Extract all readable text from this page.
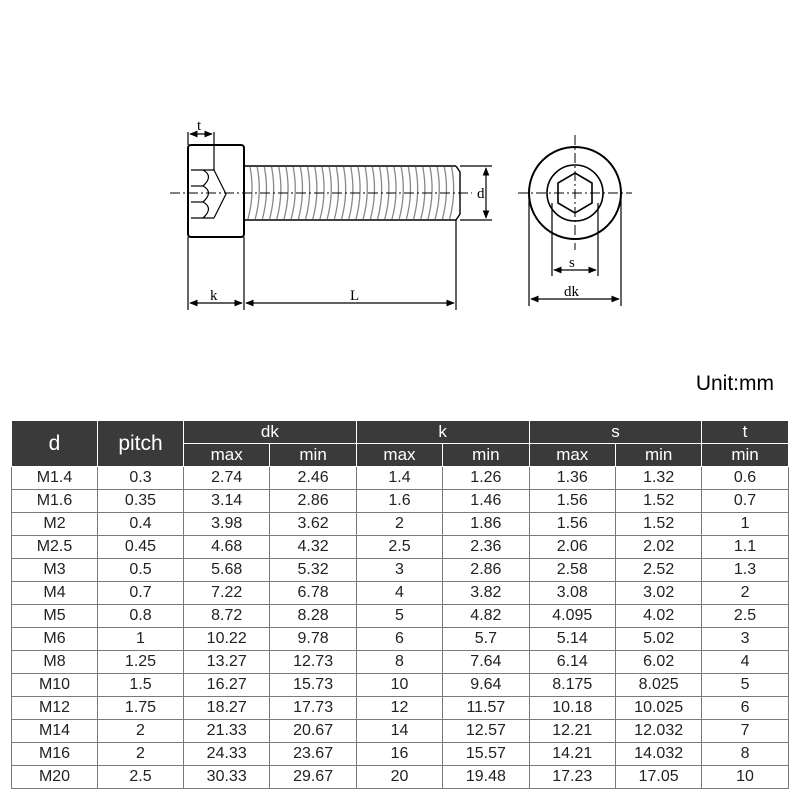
t
k	L
d
s
dk
Unit:mm
d	pitch	dk		k		s		t
		max	min	max	min	max	min	min
M1.4	0.3	2.74	2.46	1.4	1.26	1.36	1.32	0.6
M1.6	0.35	3.14	2.86	1.6	1.46	1.56	1.52	0.7
M2	0.4	3.98	3.62	2	1.86	1.56	1.52	1
M2.5	0.45	4.68	4.32	2.5	2.36	2.06	2.02	1.1
M3	0.5	5.68	5.32	3	2.86	2.58	2.52	1.3
M4	0.7	7.22	6.78	4	3.82	3.08	3.02	2
M5	0.8	8.72	8.28	5	4.82	4.095	4.02	2.5
M6	1	10.22	9.78	6	5.7	5.14	5.02	3
M8	1.25	13.27	12.73	8	7.64	6.14	6.02	4
M10	1.5	16.27	15.73	10	9.64	8.175	8.025	5
M12	1.75	18.27	17.73	12	11.57	10.18	10.025	6
M14	2	21.33	20.67	14	12.57	12.21	12.032	7
M16	2	24.33	23.67	16	15.57	14.21	14.032	8
M20	2.5	30.33	29.67	20	19.48	17.23	17.05	10
